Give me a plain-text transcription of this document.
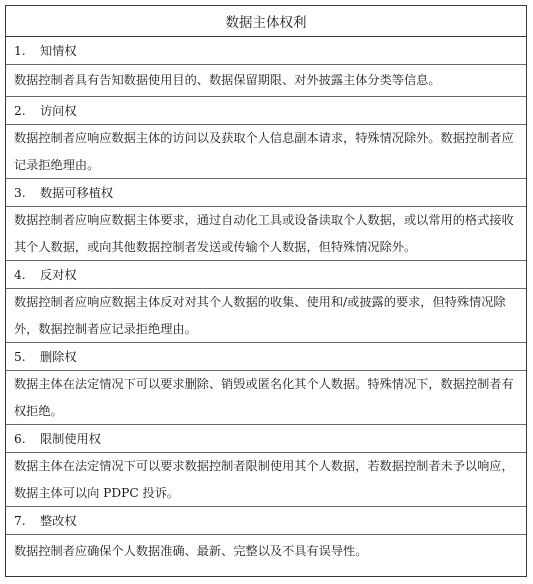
数据主体权利
1.	知情权

数据控制者具有告知数据使用目的、数据保留期限、对外披露主体分类等信息。

2.	访问权

数据控制者应响应数据主体的访问以及获取个人信息副本请求，特殊情况除外。数据控制者应记录拒绝理由。

3.	数据可移植权

数据控制者应响应数据主体要求，通过自动化工具或设备读取个人数据，或以常用的格式接收其个人数据，或向其他数据控制者发送或传输个人数据，但特殊情况除外。

4.	反对权

数据控制者应响应数据主体反对对其个人数据的收集、使用和/或披露的要求，但特殊情况除外，数据控制者应记录拒绝理由。

5.	删除权

数据主体在法定情况下可以要求删除、销毁或匿名化其个人数据。特殊情况下，数据控制者有权拒绝。

6.	限制使用权

数据主体在法定情况下可以要求数据控制者限制使用其个人数据，若数据控制者未予以响应，数据主体可以向 PDPC 投诉。

7.	整改权

数据控制者应确保个人数据准确、最新、完整以及不具有误导性。
